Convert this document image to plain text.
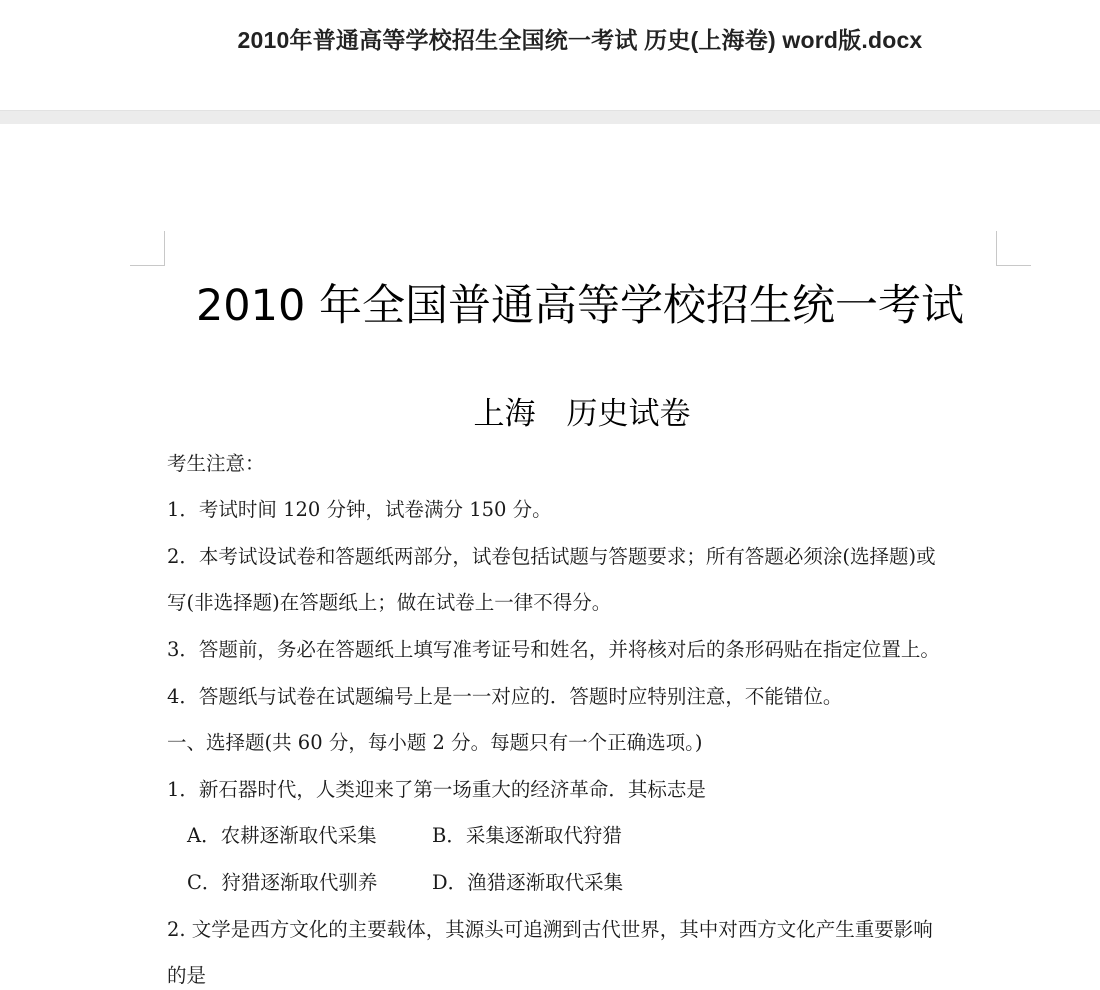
2010年普通高等学校招生全国统一考试 历史(上海卷) word版.docx
2010 年全国普通高等学校招生统一考试
上海　历史试卷
考生注意：
1．考试时间 120 分钟，试卷满分 150 分。
2．本考试设试卷和答题纸两部分，试卷包括试题与答题要求；所有答题必须涂(选择题)或
写(非选择题)在答题纸上；做在试卷上一律不得分。
3．答题前，务必在答题纸上填写准考证号和姓名，并将核对后的条形码贴在指定位置上。
4．答题纸与试卷在试题编号上是一一对应的．答题时应特别注意，不能错位。
一、选择题(共 60 分，每小题 2 分。每题只有一个正确选项。)
1．新石器时代，人类迎来了第一场重大的经济革命．其标志是
A．农耕逐渐取代采集	B．采集逐渐取代狩猎
C．狩猎逐渐取代驯养	D．渔猎逐渐取代采集
2. 文学是西方文化的主要载体，其源头可追溯到古代世界，其中对西方文化产生重要影响
的是
